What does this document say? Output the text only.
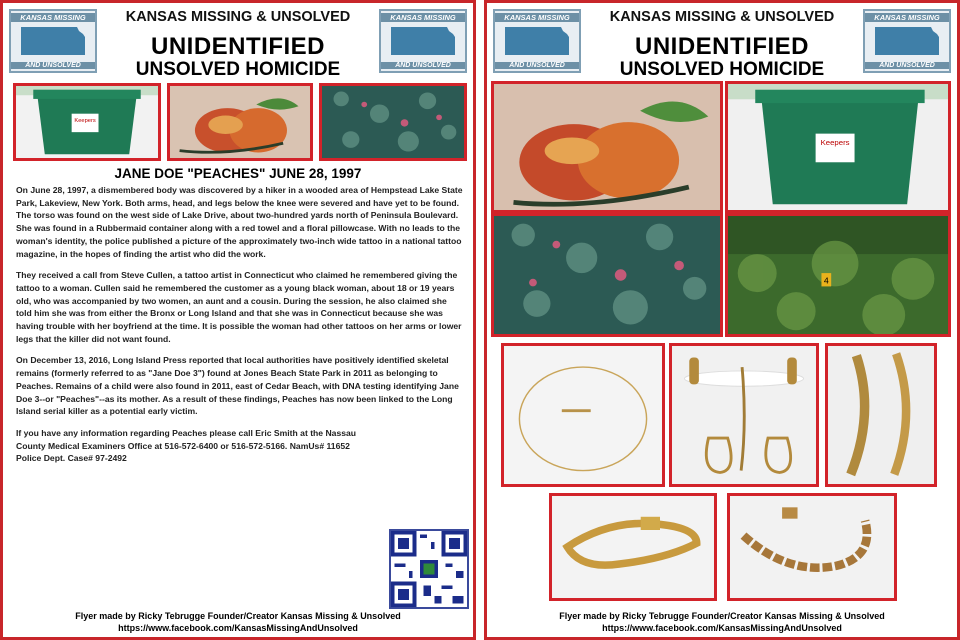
KANSAS MISSING
AND UNSOLVED
KANSAS MISSING & UNSOLVED
UNIDENTIFIED
UNSOLVED HOMICIDE
KANSAS MISSING
AND UNSOLVED
Keepers
JANE DOE "PEACHES" JUNE 28, 1997

On June 28, 1997, a dismembered body was discovered by a hiker in a wooded area of Hempstead Lake State Park, Lakeview, New York. Both arms, head, and legs below the knee were severed and have yet to be found. The torso was found on the west side of Lake Drive, about two-hundred yards north of Peninsula Boulevard. She was found in a Rubbermaid container along with a red towel and a floral pillowcase. With no leads to the woman's identity, the police published a picture of the approximately two-inch wide tattoo in a national tattoo magazine, in the hopes of finding the artist who did the work.

They received a call from Steve Cullen, a tattoo artist in Connecticut who claimed he remembered giving the tattoo to a woman. Cullen said he remembered the customer as a young black woman, about 18 or 19 years old, who was accompanied by two women, an aunt and a cousin. During the session, he also claimed she told him she was from either the Bronx or Long Island and that she was in Connecticut because she was having trouble with her boyfriend at the time. It is possible the woman had other tattoos on her arms or lower legs that the killer did not want found.

On December 13, 2016, Long Island Press reported that local authorities have positively identified skeletal remains (formerly referred to as "Jane Doe 3") found at Jones Beach State Park in 2011 as belonging to Peaches. Remains of a child were also found in 2011, east of Cedar Beach, with DNA testing identifying Jane Doe 3--or "Peaches"--as its mother. As a result of these findings, Peaches has now been linked to the Long Island serial killer as a potential early victim.

If you have any information regarding Peaches please call Eric Smith at the Nassau County Medical Examiners Office at 516-572-6400 or 516-572-5166. NamUs# 11652 Police Dept. Case# 97-2492

Flyer made by Ricky Tebrugge Founder/Creator Kansas Missing & Unsolved
https://www.facebook.com/KansasMissingAndUnsolved
KANSAS MISSING
AND UNSOLVED
KANSAS MISSING & UNSOLVED
UNIDENTIFIED
UNSOLVED HOMICIDE
KANSAS MISSING
AND UNSOLVED
Keepers
4
Flyer made by Ricky Tebrugge Founder/Creator Kansas Missing & Unsolved
https://www.facebook.com/KansasMissingAndUnsolved
